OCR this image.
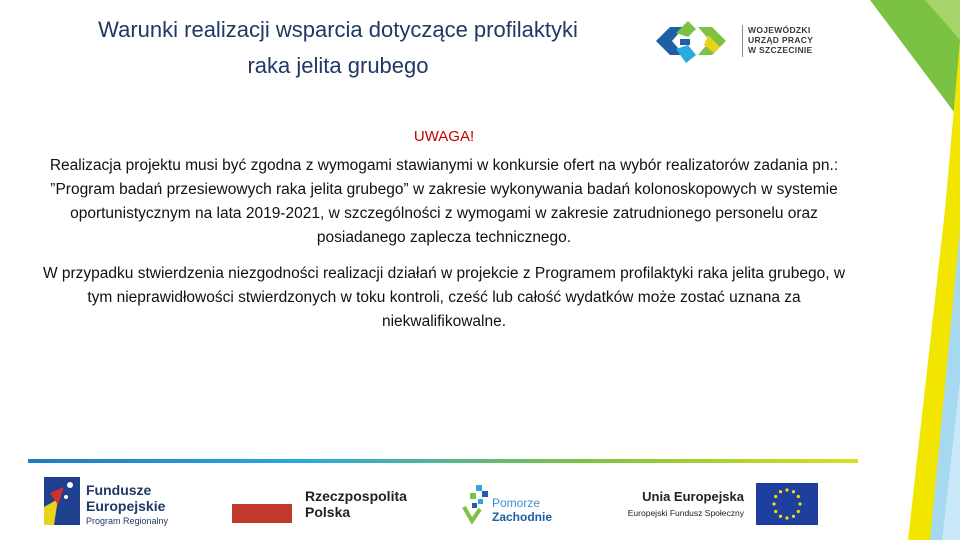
Warunki realizacji wsparcia dotyczące profilaktyki
raka jelita grubego
WOJEWÓDZKI
URZĄD PRACY
W SZCZECINIE
UWAGA!

Realizacja projektu musi być zgodna z wymogami stawianymi w konkursie ofert na wybór realizatorów zadania pn.: ”Program badań przesiewowych raka jelita grubego” w zakresie wykonywania badań kolonoskopowych w systemie oportunistycznym na lata 2019-2021, w szczególności z wymogami w zakresie zatrudnionego personelu oraz posiadanego zaplecza technicznego.

W przypadku stwierdzenia niezgodności realizacji działań w projekcie z Programem profilaktyki raka jelita grubego, w tym nieprawidłowości stwierdzonych w toku kontroli, cześć lub całość wydatków może zostać uznana za niekwalifikowalne.

Fundusze
Europejskie
Program Regionalny
Rzeczpospolita
Polska
Pomorze
Zachodnie
Unia Europejska
Europejski Fundusz Społeczny
